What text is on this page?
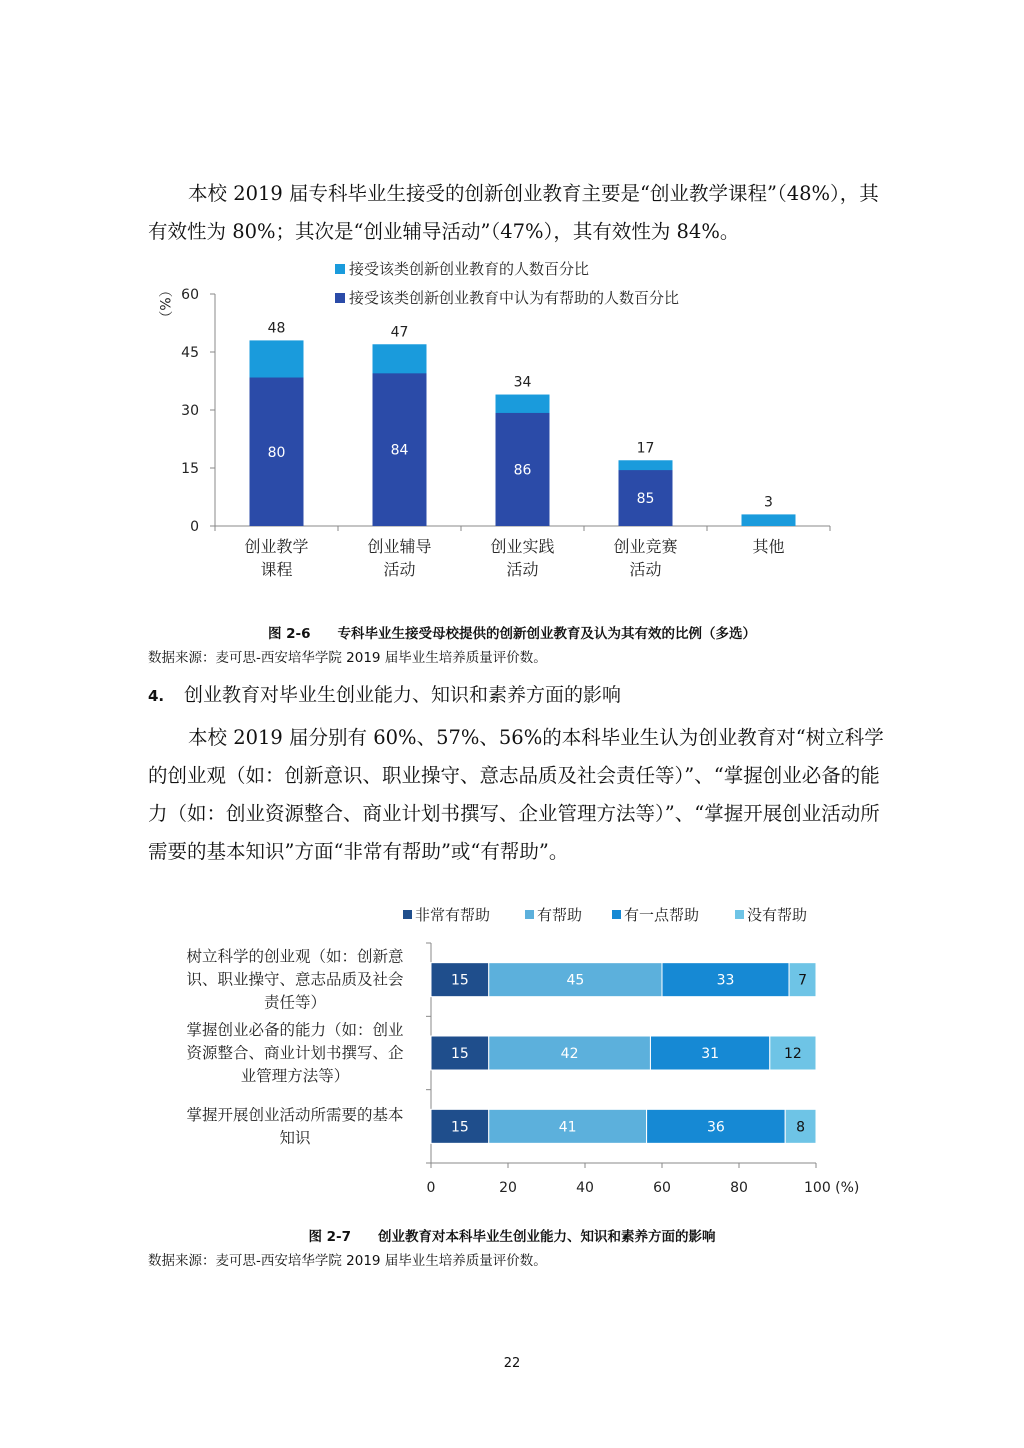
本校 2019 届专科毕业生接受的创新创业教育主要是“创业教学课程”（48%），其有效性为 80%；其次是“创业辅导活动”（47%），其有效性为 84%。

接受该类创新创业教育的人数百分比
接受该类创新创业教育中认为有帮助的人数百分比
0
15
30
45
60
（%）
80
48
创业教学
课程
84
47
创业辅导
活动
86
34
创业实践
活动
85
17
创业竞赛
活动
3
其他

图 2-6　　专科毕业生接受母校提供的创新创业教育及认为其有效的比例（多选）

数据来源：麦可思-西安培华学院 2019 届毕业生培养质量评价数。

4. 创业教育对毕业生创业能力、知识和素养方面的影响

本校 2019 届分别有 60%、57%、56%的本科毕业生认为创业教育对“树立科学的创业观（如：创新意识、职业操守、意志品质及社会责任等）”、“掌握创业必备的能力（如：创业资源整合、商业计划书撰写、企业管理方法等）”、“掌握开展创业活动所需要的基本知识”方面“非常有帮助”或“有帮助”。

非常有帮助	有帮助	有一点帮助	没有帮助
0	20	40	60	80	100 (%)
15	45	33	7
树立科学的创业观（如：创新意
识、职业操守、意志品质及社会
责任等）
15	42	31	12
掌握创业必备的能力（如：创业
资源整合、商业计划书撰写、企
业管理方法等）
15	41	36	8
掌握开展创业活动所需要的基本
知识

图 2-7　　创业教育对本科毕业生创业能力、知识和素养方面的影响

数据来源：麦可思-西安培华学院 2019 届毕业生培养质量评价数。

22
